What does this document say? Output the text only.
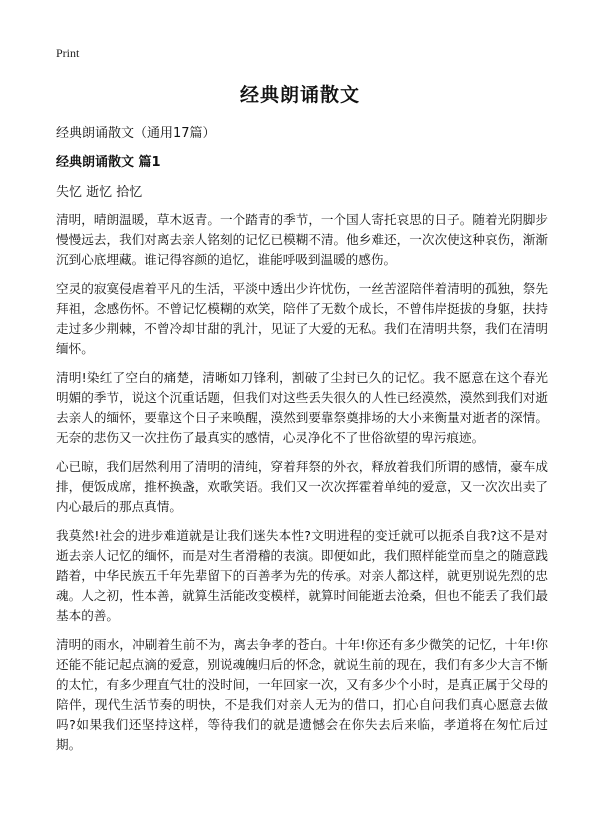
Print
经典朗诵散文
经典朗诵散文（通用17篇）
经典朗诵散文 篇1
失忆 逝忆 拾忆

清明，晴朗温暖，草木返青。一个踏青的季节，一个国人寄托哀思的日子。随着光阴脚步慢慢远去，我们对离去亲人铭刻的记忆已模糊不清。他乡难还，一次次使这种哀伤，渐渐沉到心底埋藏。谁记得容颜的追忆，谁能呼吸到温暖的感伤。

空灵的寂寞侵虐着平凡的生活，平淡中透出少许忧伤，一丝苦涩陪伴着清明的孤独，祭先拜祖，念感伤怀。不曾记忆模糊的欢笑，陪伴了无数个成长，不曾伟岸挺拔的身躯，扶持走过多少荆棘，不曾冷却甘甜的乳汁，见证了大爱的无私。我们在清明共祭，我们在清明缅怀。

清明!染红了空白的痛楚，清晰如刀锋利，割破了尘封已久的记忆。我不愿意在这个春光明媚的季节，说这个沉重话题，但我们对这些丢失很久的人性已经漠然，漠然到我们对逝去亲人的缅怀，要靠这个日子来唤醒，漠然到要靠祭奠排场的大小来衡量对逝者的深情。无奈的悲伤又一次拄伤了最真实的感情，心灵净化不了世俗欲望的卑污痕迹。

心已晾，我们居然利用了清明的清纯，穿着拜祭的外衣，释放着我们所谓的感情，豪车成排，便饭成席，推杯换盏，欢歌笑语。我们又一次次挥霍着单纯的爱意，又一次次出卖了内心最后的那点真情。

我莫然!社会的进步难道就是让我们迷失本性?文明进程的变迁就可以扼杀自我?这不是对逝去亲人记忆的缅怀，而是对生者滑稽的表演。即便如此，我们照样能堂而皇之的随意践踏着，中华民族五千年先辈留下的百善孝为先的传承。对亲人都这样，就更别说先烈的忠魂。人之初，性本善，就算生活能改变模样，就算时间能逝去沧桑，但也不能丢了我们最基本的善。

清明的雨水，冲刷着生前不为，离去争孝的苍白。十年!你还有多少微笑的记忆，十年!你还能不能记起点滴的爱意，别说魂魄归后的怀念，就说生前的现在，我们有多少大言不惭的太忙，有多少理直气壮的没时间，一年回家一次，又有多少个小时，是真正属于父母的陪伴，现代生活节奏的明快，不是我们对亲人无为的借口，扪心自问我们真心愿意去做吗?如果我们还坚持这样，等待我们的就是遗憾会在你失去后来临，孝道将在匆忙后过期。
